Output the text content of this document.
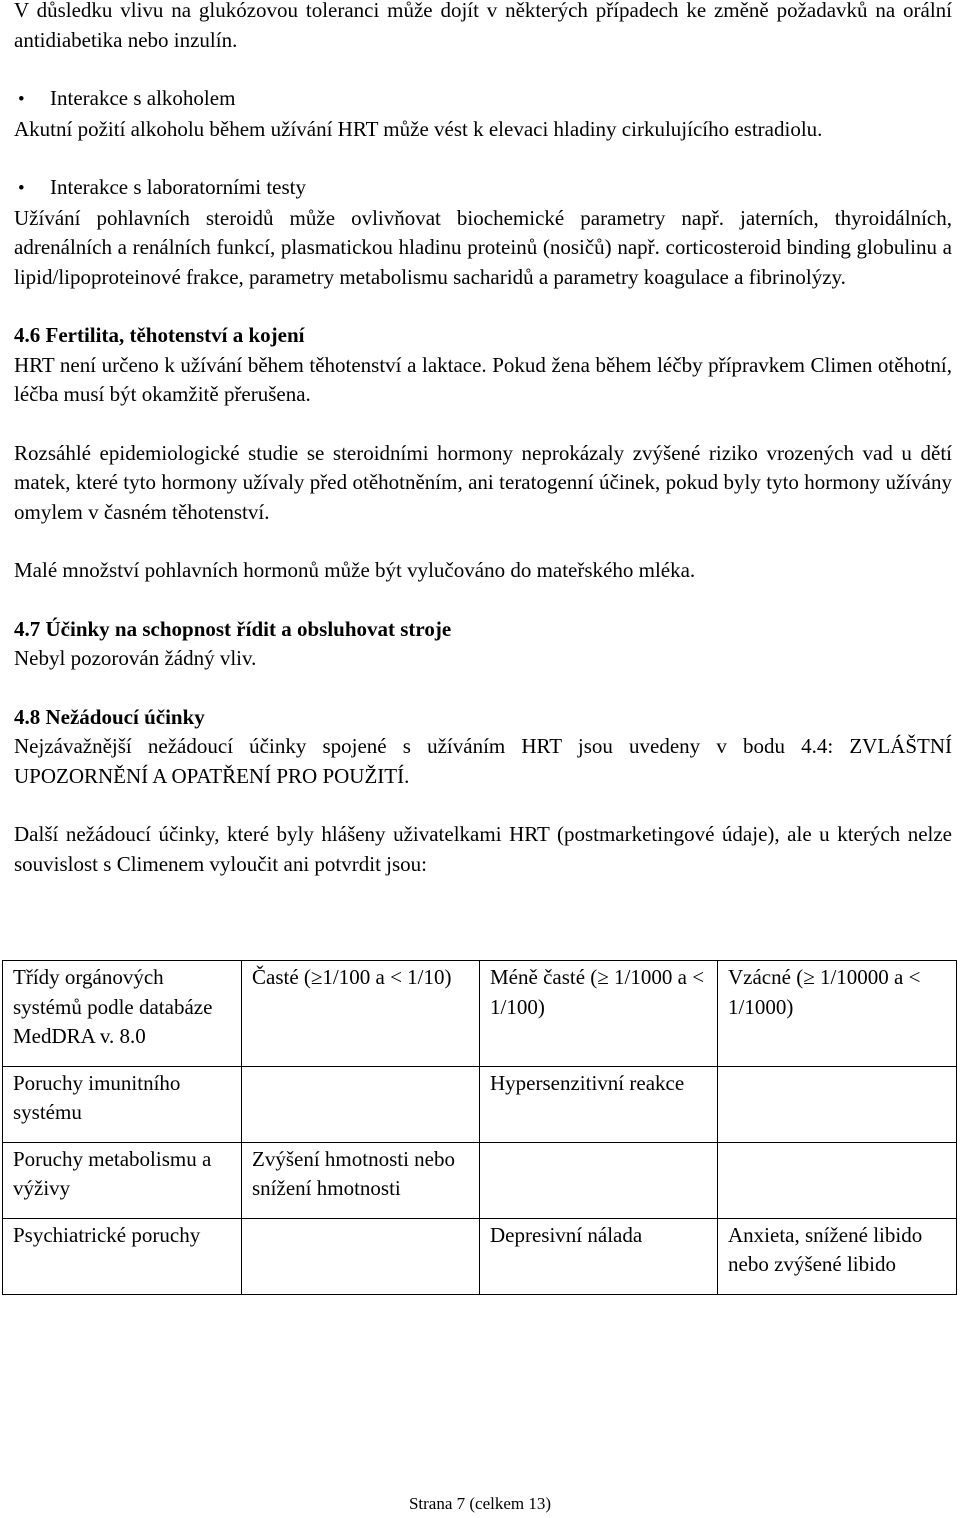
V důsledku vlivu na glukózovou toleranci může dojít v některých případech ke změně požadavků na orální antidiabetika nebo inzulín.

•	Interakce s alkoholem

Akutní požití alkoholu během užívání HRT může vést k elevaci hladiny cirkulujícího estradiolu.

•	Interakce s laboratorními testy

Užívání pohlavních steroidů může ovlivňovat biochemické parametry např. jaterních, thyroidálních, adrenálních a renálních funkcí, plasmatickou hladinu proteinů (nosičů) např. corticosteroid binding globulinu a lipid/lipoproteinové frakce, parametry metabolismu sacharidů a parametry koagulace a fibrinolýzy.

4.6 Fertilita, těhotenství a kojení

HRT není určeno k užívání během těhotenství a laktace. Pokud žena během léčby přípravkem Climen otěhotní, léčba musí být okamžitě přerušena.

Rozsáhlé epidemiologické studie se steroidními hormony neprokázaly zvýšené riziko vrozených vad u dětí matek, které tyto hormony užívaly před otěhotněním, ani teratogenní účinek, pokud byly tyto hormony užívány omylem v časném těhotenství.

Malé množství pohlavních hormonů může být vylučováno do mateřského mléka.

4.7 Účinky na schopnost řídit a obsluhovat stroje

Nebyl pozorován žádný vliv.

4.8 Nežádoucí účinky

Nejzávažnější nežádoucí účinky spojené s užíváním HRT jsou uvedeny v bodu 4.4: ZVLÁŠTNÍ UPOZORNĚNÍ A OPATŘENÍ PRO POUŽITÍ.

Další nežádoucí účinky, které byly hlášeny uživatelkami HRT (postmarketingové údaje), ale u kterých nelze souvislost s Climenem vyloučit ani potvrdit jsou:

Třídy orgánových systémů podle databáze MedDRA v. 8.0	Časté (≥1/100 a < 1/10)	Méně časté (≥ 1/1000 a < 1/100)	Vzácné (≥ 1/10000 a < 1/1000)
Poruchy imunitního systému		Hypersenzitivní reakce	
Poruchy metabolismu a výživy	Zvýšení hmotnosti nebo snížení hmotnosti		
Psychiatrické poruchy		Depresivní nálada	Anxieta, snížené libido nebo zvýšené libido
Strana 7 (celkem 13)
